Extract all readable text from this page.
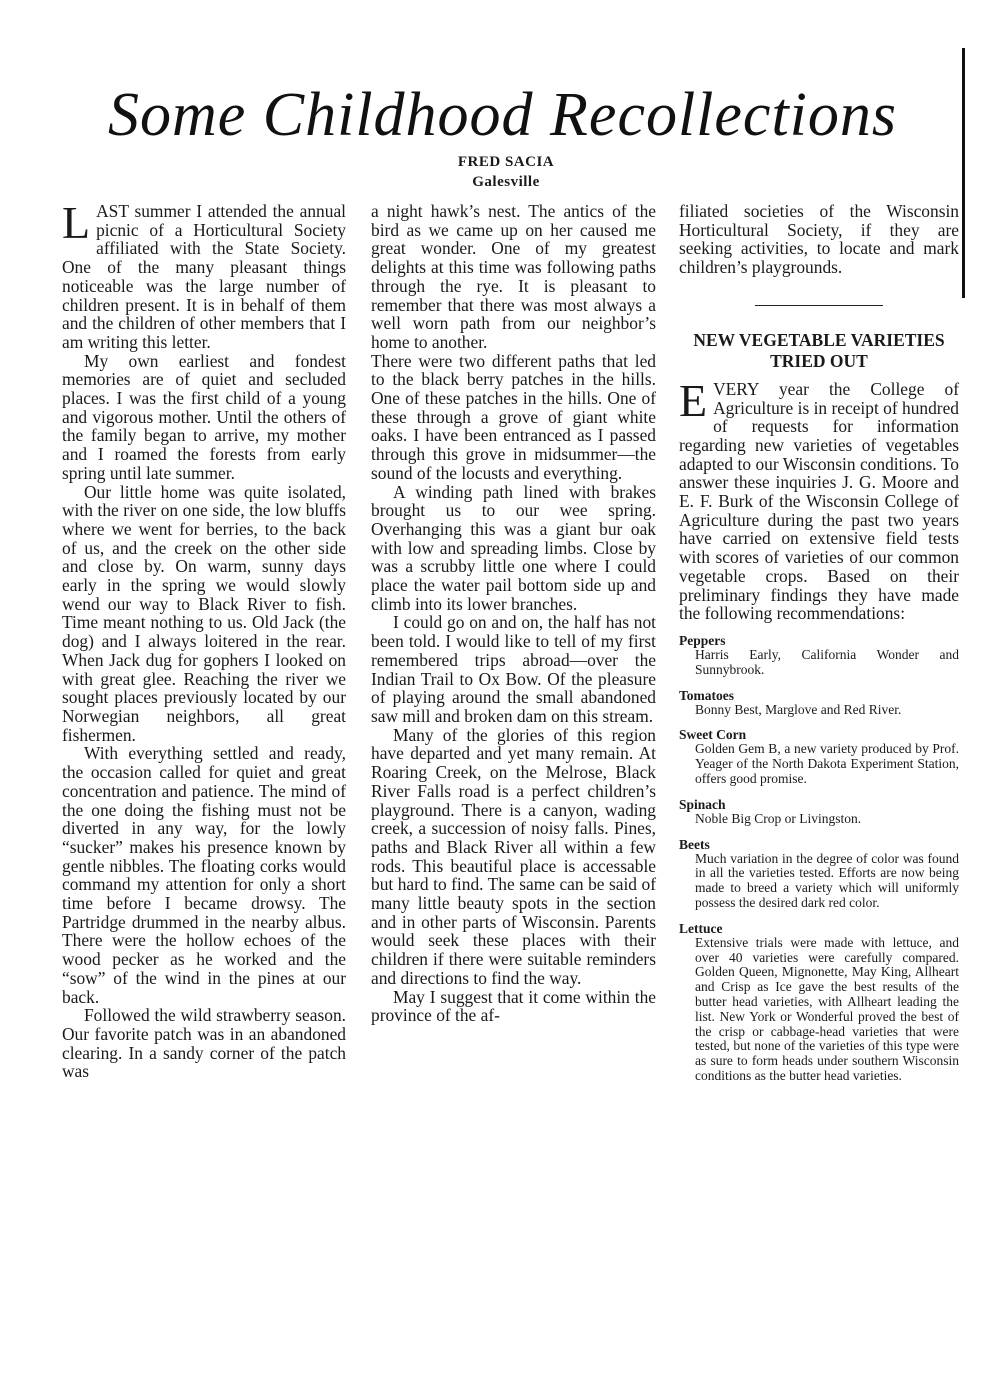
Some Childhood Recollections
FRED SACIA
Galesville

LAST summer I attended the annual picnic of a Horticultural Society affiliated with the State Society. One of the many pleasant things noticeable was the large number of children present. It is in behalf of them and the children of other members that I am writing this letter.

My own earliest and fondest memories are of quiet and secluded places. I was the first child of a young and vigorous mother. Until the others of the family began to arrive, my mother and I roamed the forests from early spring until late summer.

Our little home was quite isolated, with the river on one side, the low bluffs where we went for berries, to the back of us, and the creek on the other side and close by. On warm, sunny days early in the spring we would slowly wend our way to Black River to fish. Time meant nothing to us. Old Jack (the dog) and I always loitered in the rear. When Jack dug for gophers I looked on with great glee. Reaching the river we sought places previously located by our Norwegian neighbors, all great fishermen.

With everything settled and ready, the occasion called for quiet and great concentration and patience. The mind of the one doing the fishing must not be diverted in any way, for the lowly “sucker” makes his presence known by gentle nibbles. The floating corks would command my attention for only a short time before I became drowsy. The Partridge drummed in the nearby albus. There were the hollow echoes of the wood pecker as he worked and the “sow” of the wind in the pines at our back.

Followed the wild strawberry season. Our favorite patch was in an abandoned clearing. In a sandy corner of the patch was

a night hawk’s nest. The antics of the bird as we came up on her caused me great wonder. One of my greatest delights at this time was following paths through the rye. It is pleasant to remember that there was most always a well worn path from our neighbor’s home to another.

There were two different paths that led to the black berry patches in the hills. One of these patches in the hills. One of these through a grove of giant white oaks. I have been entranced as I passed through this grove in midsummer—the sound of the locusts and everything.

A winding path lined with brakes brought us to our wee spring. Overhanging this was a giant bur oak with low and spreading limbs. Close by was a scrubby little one where I could place the water pail bottom side up and climb into its lower branches.

I could go on and on, the half has not been told. I would like to tell of my first remembered trips abroad—over the Indian Trail to Ox Bow. Of the pleasure of playing around the small abandoned saw mill and broken dam on this stream.

Many of the glories of this region have departed and yet many remain. At Roaring Creek, on the Melrose, Black River Falls road is a perfect children’s playground. There is a canyon, wading creek, a succession of noisy falls. Pines, paths and Black River all within a few rods. This beautiful place is accessable but hard to find. The same can be said of many little beauty spots in the section and in other parts of Wisconsin. Parents would seek these places with their children if there were suitable reminders and directions to find the way.

May I suggest that it come within the province of the af-

filiated societies of the Wisconsin Horticultural Society, if they are seeking activities, to locate and mark children’s playgrounds.

NEW VEGETABLE VARIETIES TRIED OUT

EVERY year the College of Agriculture is in receipt of hundred of requests for information regarding new varieties of vegetables adapted to our Wisconsin conditions. To answer these inquiries J. G. Moore and E. F. Burk of the Wisconsin College of Agriculture during the past two years have carried on extensive field tests with scores of varieties of our common vegetable crops. Based on their preliminary findings they have made the following recommendations:

Peppers
Harris Early, California Wonder and Sunnybrook.
Tomatoes
Bonny Best, Marglove and Red River.
Sweet Corn
Golden Gem B, a new variety produced by Prof. Yeager of the North Dakota Experiment Station, offers good promise.
Spinach
Noble Big Crop or Livingston.
Beets
Much variation in the degree of color was found in all the varieties tested. Efforts are now being made to breed a variety which will uniformly possess the desired dark red color.
Lettuce
Extensive trials were made with lettuce, and over 40 varieties were carefully compared. Golden Queen, Mignonette, May King, Allheart and Crisp as Ice gave the best results of the butter head varieties, with Allheart leading the list. New York or Wonderful proved the best of the crisp or cabbage-head varieties that were tested, but none of the varieties of this type were as sure to form heads under southern Wisconsin conditions as the butter head varieties.
